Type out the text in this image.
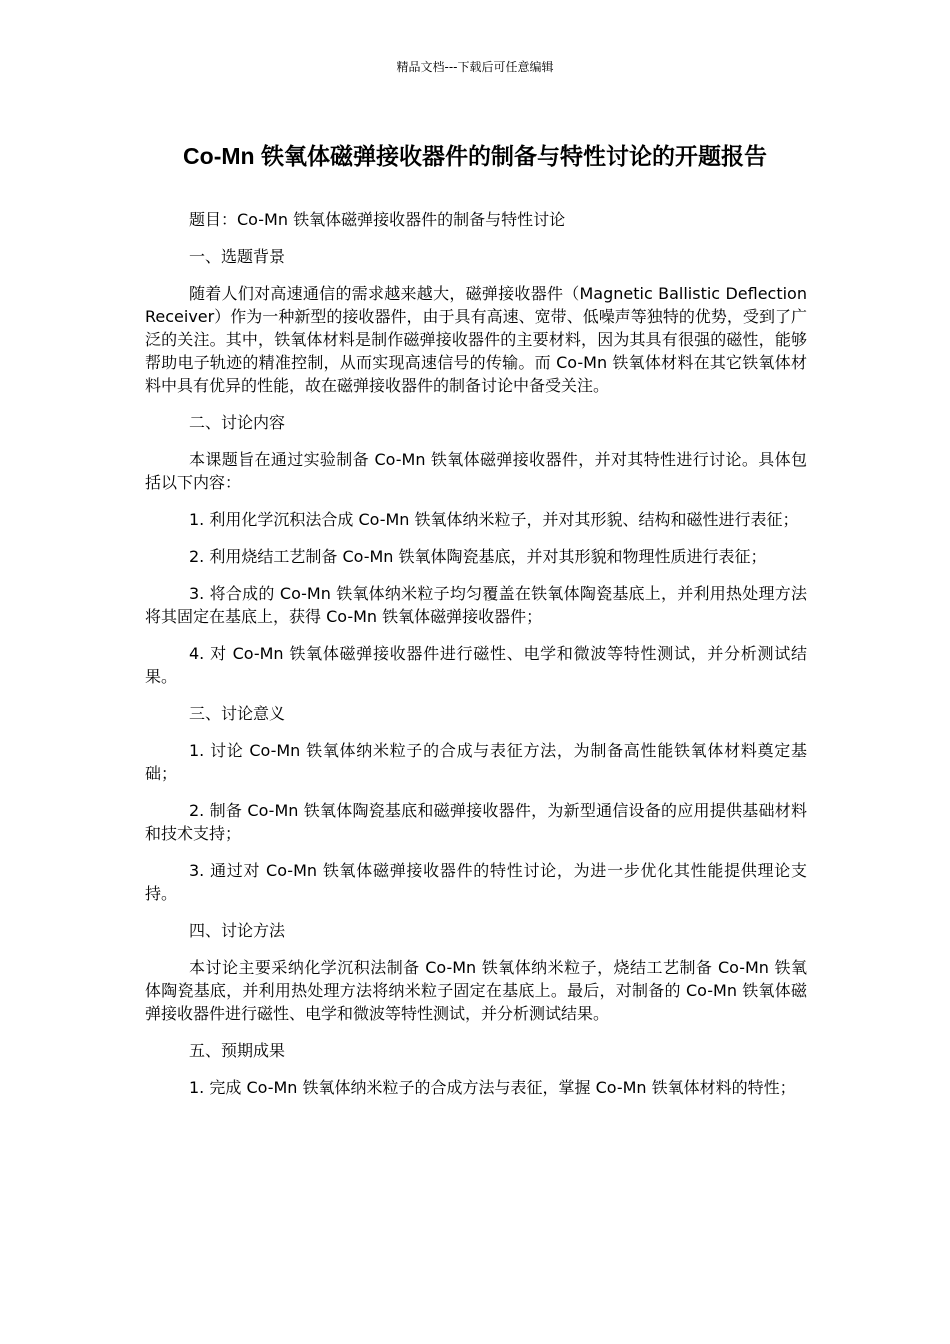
精品文档---下载后可任意编辑
Co-Mn 铁氧体磁弹接收器件的制备与特性讨论的开题报告

题目：Co-Mn 铁氧体磁弹接收器件的制备与特性讨论

一、选题背景

随着人们对高速通信的需求越来越大，磁弹接收器件（Magnetic Ballistic Deflection Receiver）作为一种新型的接收器件，由于具有高速、宽带、低噪声等独特的优势，受到了广泛的关注。其中，铁氧体材料是制作磁弹接收器件的主要材料，因为其具有很强的磁性，能够帮助电子轨迹的精准控制，从而实现高速信号的传输。而 Co-Mn 铁氧体材料在其它铁氧体材料中具有优异的性能，故在磁弹接收器件的制备讨论中备受关注。

二、讨论内容

本课题旨在通过实验制备 Co-Mn 铁氧体磁弹接收器件，并对其特性进行讨论。具体包括以下内容：

1. 利用化学沉积法合成 Co-Mn 铁氧体纳米粒子，并对其形貌、结构和磁性进行表征；

2. 利用烧结工艺制备 Co-Mn 铁氧体陶瓷基底，并对其形貌和物理性质进行表征；

3. 将合成的 Co-Mn 铁氧体纳米粒子均匀覆盖在铁氧体陶瓷基底上，并利用热处理方法将其固定在基底上，获得 Co-Mn 铁氧体磁弹接收器件；

4. 对 Co-Mn 铁氧体磁弹接收器件进行磁性、电学和微波等特性测试，并分析测试结果。

三、讨论意义

1. 讨论 Co-Mn 铁氧体纳米粒子的合成与表征方法，为制备高性能铁氧体材料奠定基础；

2. 制备 Co-Mn 铁氧体陶瓷基底和磁弹接收器件，为新型通信设备的应用提供基础材料和技术支持；

3. 通过对 Co-Mn 铁氧体磁弹接收器件的特性讨论，为进一步优化其性能提供理论支持。

四、讨论方法

本讨论主要采纳化学沉积法制备 Co-Mn 铁氧体纳米粒子，烧结工艺制备 Co-Mn 铁氧体陶瓷基底，并利用热处理方法将纳米粒子固定在基底上。最后，对制备的 Co-Mn 铁氧体磁弹接收器件进行磁性、电学和微波等特性测试，并分析测试结果。

五、预期成果

1. 完成 Co-Mn 铁氧体纳米粒子的合成方法与表征，掌握 Co-Mn 铁氧体材料的特性；
